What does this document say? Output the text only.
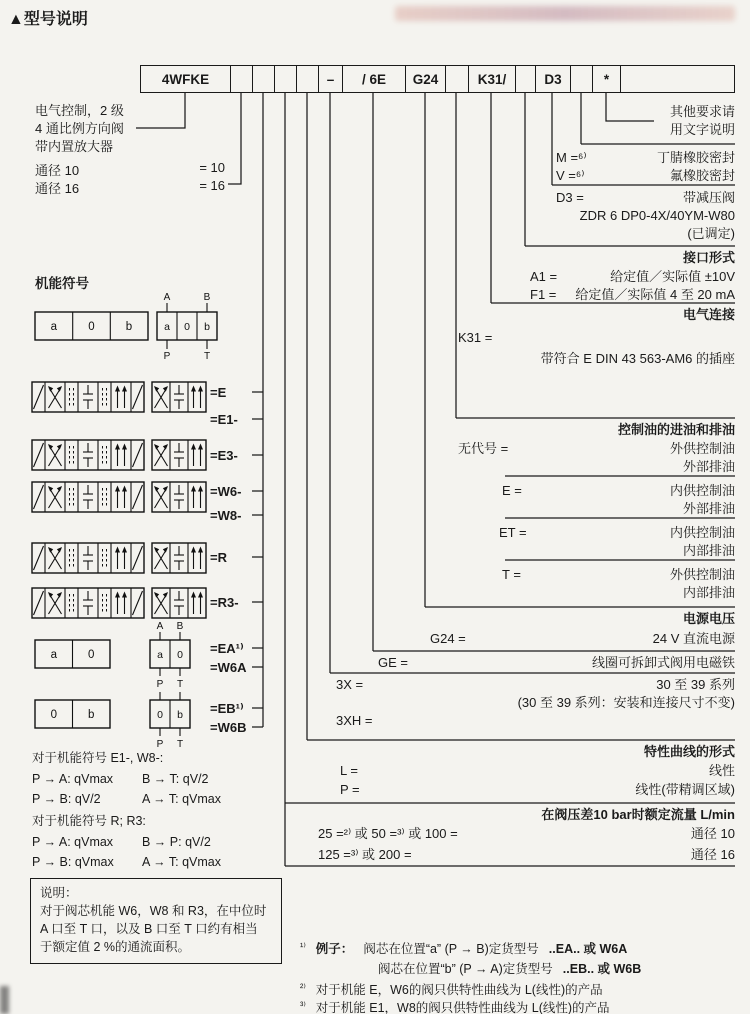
▲型号说明
4WFKE	–	/ 6E	G24	K31/	D3	*
a	0	b	a 0 b
A	B
P	T
a	0	a 0
A B
P T
0	b	0 b
P T
电气控制，2 级
4 通比例方向阀
带内置放大器
通径 10	= 10
通径 16	= 16
机能符号
=E
=E1-
=E3-
=W6-
=W8-
=R
=R3-
=EA¹⁾
=W6A
=EB¹⁾
=W6B
对于机能符号 E1-, W8-:
P → A: qVmax	B → T: qV/2
P → B: qV/2	A → T: qVmax
对于机能符号 R; R3:
P → A: qVmax	B → P: qV/2
P → B: qVmax	A → T: qVmax
说明：
对于阀芯机能 W6，W8 和 R3，在中位时
A 口至 T 口，以及 B 口至 T 口约有相当
于额定值 2 %的通流面积。
其他要求请
用文字说明
M =⁶⁾	丁腈橡胶密封
V =⁶⁾	氟橡胶密封
D3 =	带减压阀
ZDR 6 DP0-4X/40YM-W80
(已调定)
接口形式
A1 =	给定值／实际值 ±10V
F1 = 给定值／实际值 4 至 20 mA
电气连接
K31 =
带符合 E DIN 43 563-AM6 的插座
控制油的进油和排油
无代号 =	外供控制油
外部排油
E =	内供控制油
外部排油
ET =	内供控制油
内部排油
T =	外供控制油
内部排油
电源电压
G24 =	24 V 直流电源
GE =	线圈可拆卸式阀用电磁铁
3X =	30 至 39 系列
(30 至 39 系列：安装和连接尺寸不变)
3XH =
特性曲线的形式
L =	线性
P =	线性(带精调区域)
在阀压差10 bar时额定流量 L/min
25 =²⁾ 或 50 =³⁾ 或 100 =	通径 10
125 =³⁾ 或 200 =	通径 16
¹⁾ 例子： 阀芯在位置“a” (P → B)定货型号 ..EA.. 或 W6A
阀芯在位置“b” (P → A)定货型号 ..EB.. 或 W6B
²⁾ 对于机能 E，W6的阀只供特性曲线为 L(线性)的产品
³⁾ 对于机能 E1，W8的阀只供特性曲线为 L(线性)的产品
